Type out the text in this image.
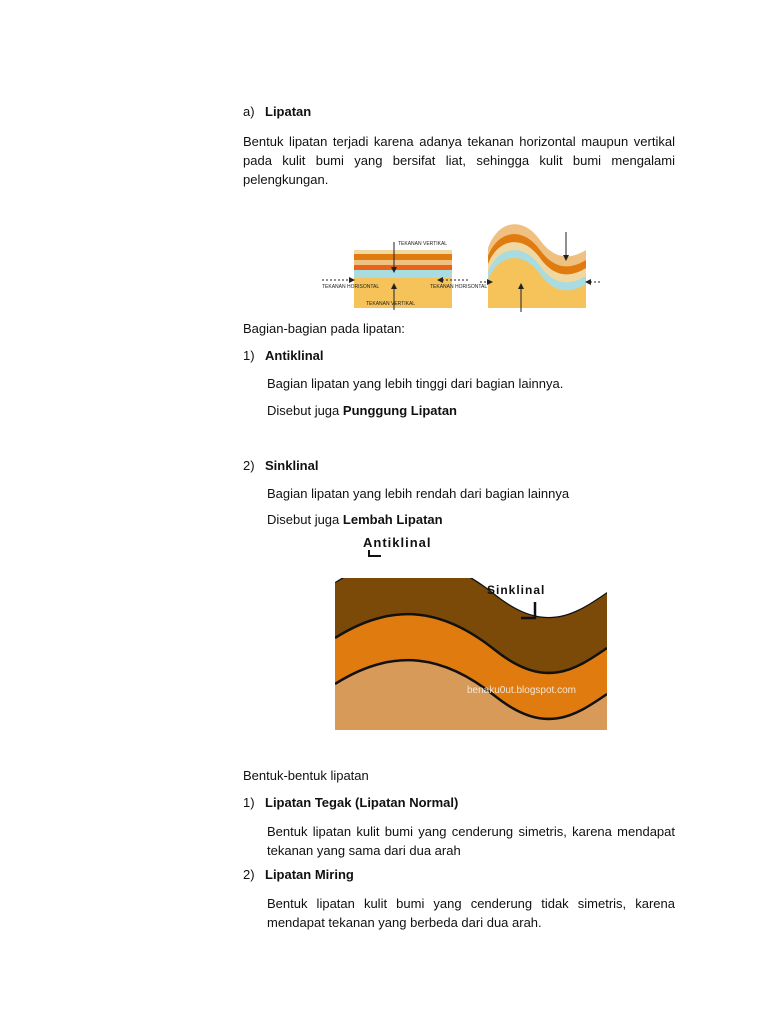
a) Lipatan
Bentuk lipatan terjadi karena adanya tekanan horizontal maupun vertikal pada kulit bumi yang bersifat liat, sehingga kulit bumi mengalami pelengkungan.
TEKANAN VERTIKAL
TEKANAN HORISONTAL	TEKANAN HORISONTAL
TEKANAN VERTIKAL
Bagian-bagian pada lipatan:
1) Antiklinal
Bagian lipatan yang lebih tinggi dari bagian lainnya.
Disebut juga Punggung Lipatan
2) Sinklinal
Bagian lipatan yang lebih rendah dari bagian lainnya
Disebut juga Lembah Lipatan
Antiklinal
Sinklinal
benaku0ut.blogspot.com
Bentuk-bentuk lipatan
1) Lipatan Tegak (Lipatan Normal)
Bentuk lipatan kulit bumi yang cenderung simetris, karena mendapat tekanan yang sama dari dua arah
2) Lipatan Miring
Bentuk lipatan kulit bumi yang cenderung tidak simetris, karena mendapat tekanan yang berbeda dari dua arah.
